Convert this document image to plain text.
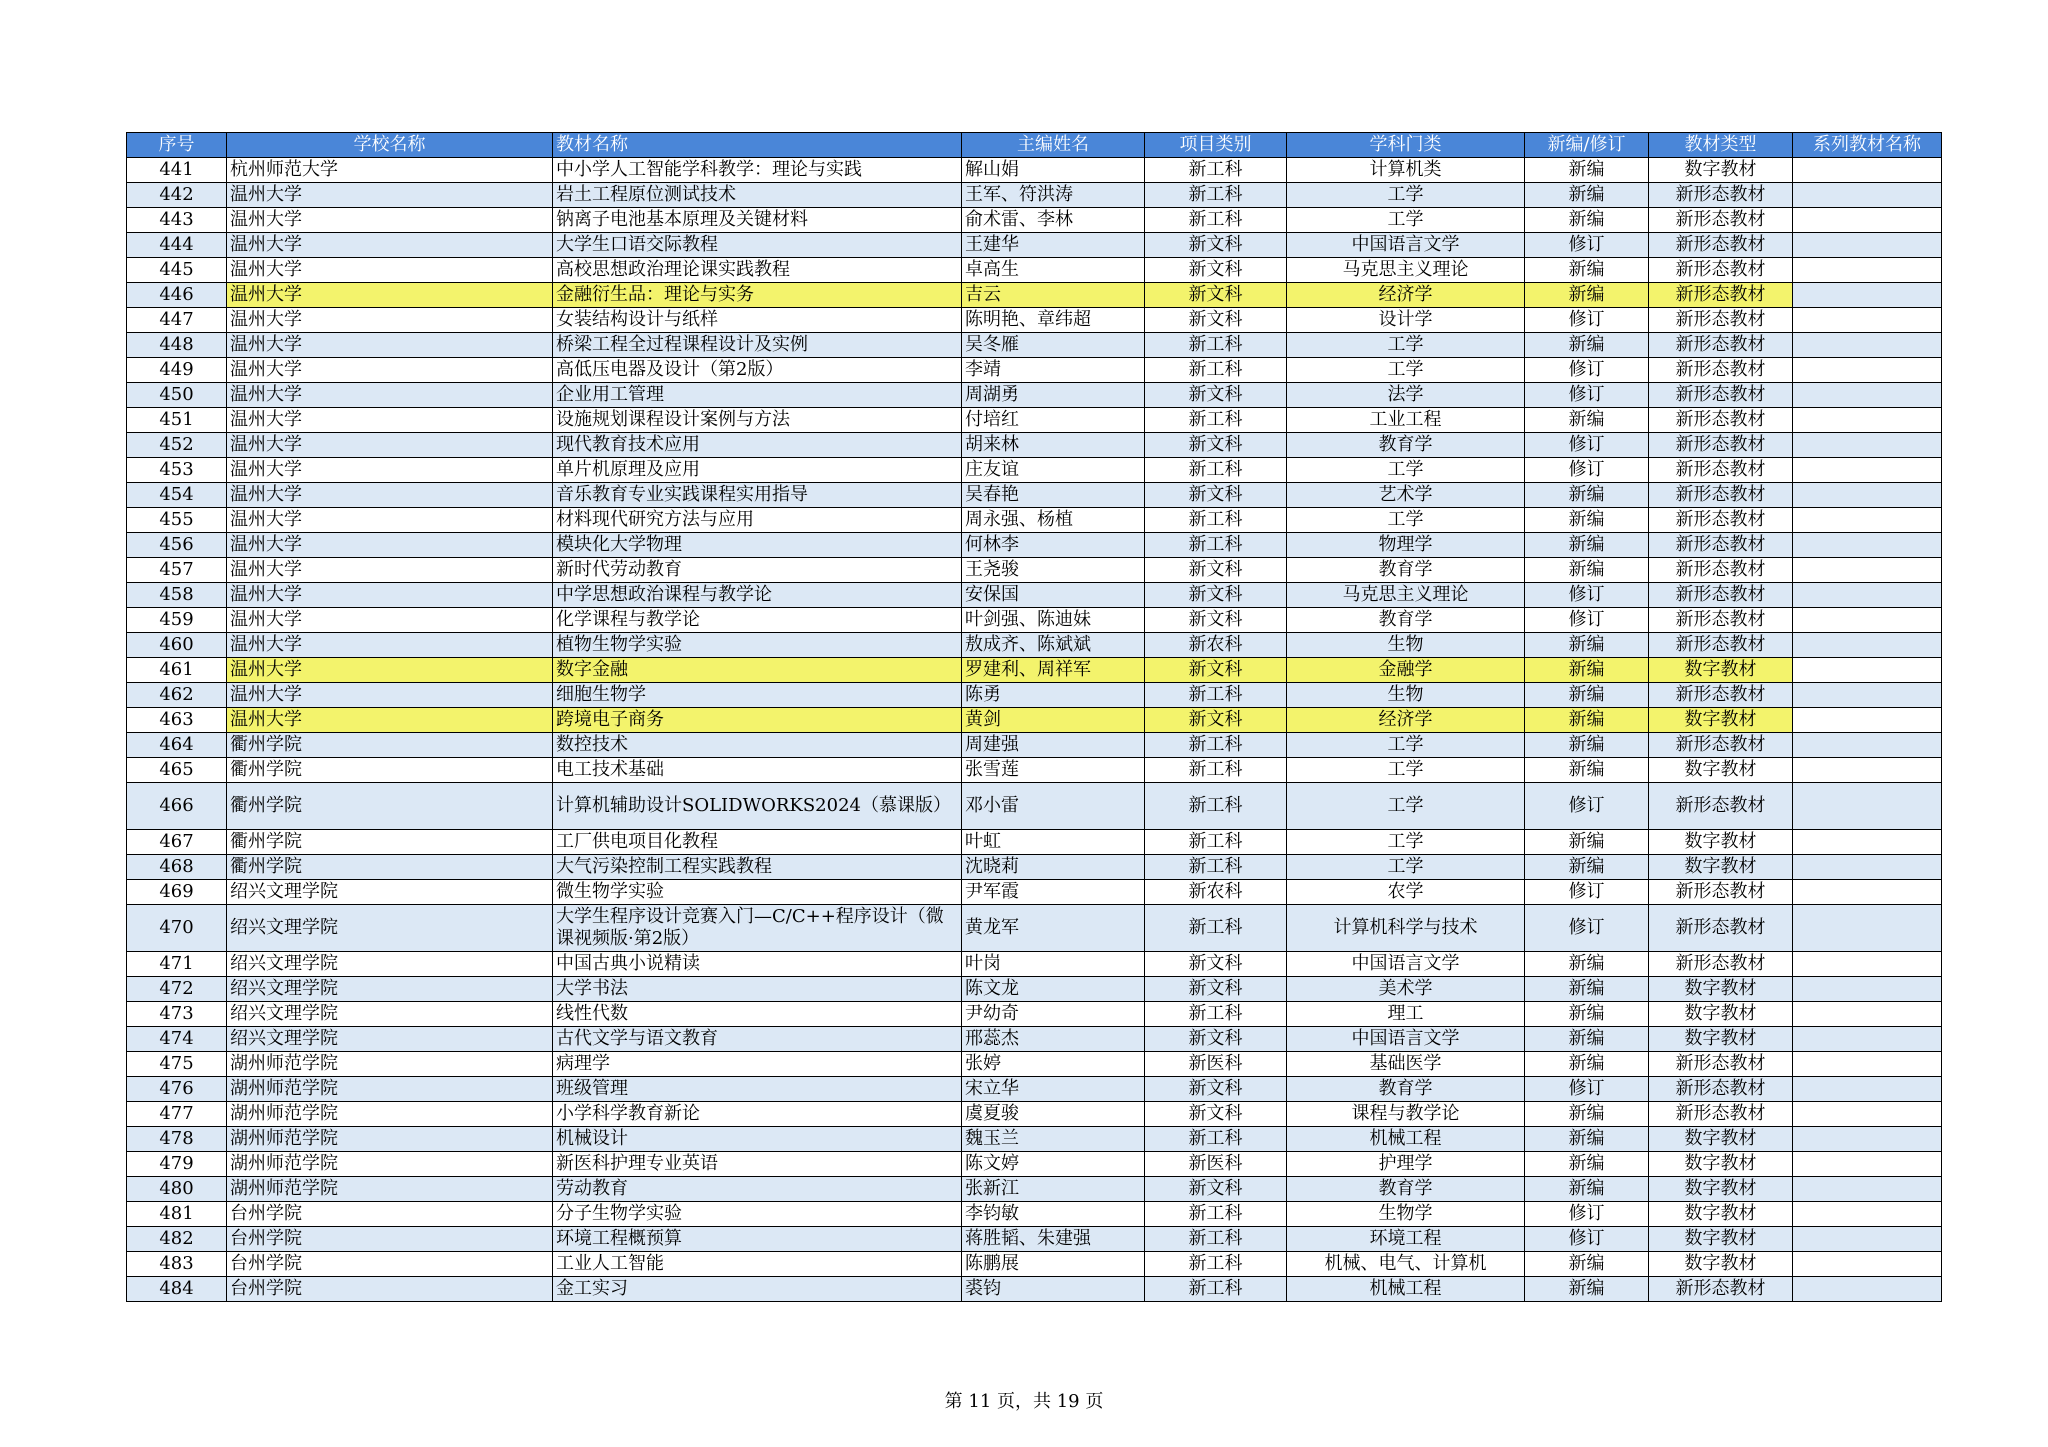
序号	学校名称	教材名称	主编姓名	项目类别	学科门类	新编/修订	教材类型	系列教材名称
441	杭州师范大学	中小学人工智能学科教学：理论与实践	解山娟	新工科	计算机类	新编	数字教材	
442	温州大学	岩土工程原位测试技术	王军、符洪涛	新工科	工学	新编	新形态教材	
443	温州大学	钠离子电池基本原理及关键材料	俞术雷、李林	新工科	工学	新编	新形态教材	
444	温州大学	大学生口语交际教程	王建华	新文科	中国语言文学	修订	新形态教材	
445	温州大学	高校思想政治理论课实践教程	卓高生	新文科	马克思主义理论	新编	新形态教材	
446	温州大学	金融衍生品：理论与实务	吉云	新文科	经济学	新编	新形态教材	
447	温州大学	女装结构设计与纸样	陈明艳、章纬超	新文科	设计学	修订	新形态教材	
448	温州大学	桥梁工程全过程课程设计及实例	吴冬雁	新工科	工学	新编	新形态教材	
449	温州大学	高低压电器及设计（第2版）	李靖	新工科	工学	修订	新形态教材	
450	温州大学	企业用工管理	周湖勇	新文科	法学	修订	新形态教材	
451	温州大学	设施规划课程设计案例与方法	付培红	新工科	工业工程	新编	新形态教材	
452	温州大学	现代教育技术应用	胡来林	新文科	教育学	修订	新形态教材	
453	温州大学	单片机原理及应用	庄友谊	新工科	工学	修订	新形态教材	
454	温州大学	音乐教育专业实践课程实用指导	吴春艳	新文科	艺术学	新编	新形态教材	
455	温州大学	材料现代研究方法与应用	周永强、杨植	新工科	工学	新编	新形态教材	
456	温州大学	模块化大学物理	何林李	新工科	物理学	新编	新形态教材	
457	温州大学	新时代劳动教育	王尧骏	新文科	教育学	新编	新形态教材	
458	温州大学	中学思想政治课程与教学论	安保国	新文科	马克思主义理论	修订	新形态教材	
459	温州大学	化学课程与教学论	叶剑强、陈迪妹	新文科	教育学	修订	新形态教材	
460	温州大学	植物生物学实验	敖成齐、陈斌斌	新农科	生物	新编	新形态教材	
461	温州大学	数字金融	罗建利、周祥军	新文科	金融学	新编	数字教材	
462	温州大学	细胞生物学	陈勇	新工科	生物	新编	新形态教材	
463	温州大学	跨境电子商务	黄剑	新文科	经济学	新编	数字教材	
464	衢州学院	数控技术	周建强	新工科	工学	新编	新形态教材	
465	衢州学院	电工技术基础	张雪莲	新工科	工学	新编	数字教材	
466	衢州学院	计算机辅助设计SOLIDWORKS2024（慕课版）	邓小雷	新工科	工学	修订	新形态教材	
467	衢州学院	工厂供电项目化教程	叶虹	新工科	工学	新编	数字教材	
468	衢州学院	大气污染控制工程实践教程	沈晓莉	新工科	工学	新编	数字教材	
469	绍兴文理学院	微生物学实验	尹军霞	新农科	农学	修订	新形态教材	
470	绍兴文理学院	大学生程序设计竞赛入门—C/C++程序设计（微课视频版·第2版）	黄龙军	新工科	计算机科学与技术	修订	新形态教材	
471	绍兴文理学院	中国古典小说精读	叶岗	新文科	中国语言文学	新编	新形态教材	
472	绍兴文理学院	大学书法	陈文龙	新文科	美术学	新编	数字教材	
473	绍兴文理学院	线性代数	尹幼奇	新工科	理工	新编	数字教材	
474	绍兴文理学院	古代文学与语文教育	邢蕊杰	新文科	中国语言文学	新编	数字教材	
475	湖州师范学院	病理学	张婷	新医科	基础医学	新编	新形态教材	
476	湖州师范学院	班级管理	宋立华	新文科	教育学	修订	新形态教材	
477	湖州师范学院	小学科学教育新论	虞夏骏	新文科	课程与教学论	新编	新形态教材	
478	湖州师范学院	机械设计	魏玉兰	新工科	机械工程	新编	数字教材	
479	湖州师范学院	新医科护理专业英语	陈文婷	新医科	护理学	新编	数字教材	
480	湖州师范学院	劳动教育	张新江	新文科	教育学	新编	数字教材	
481	台州学院	分子生物学实验	李钧敏	新工科	生物学	修订	数字教材	
482	台州学院	环境工程概预算	蒋胜韬、朱建强	新工科	环境工程	修订	数字教材	
483	台州学院	工业人工智能	陈鹏展	新工科	机械、电气、计算机	新编	数字教材	
484	台州学院	金工实习	裘钧	新工科	机械工程	新编	新形态教材	
第 11 页，共 19 页
